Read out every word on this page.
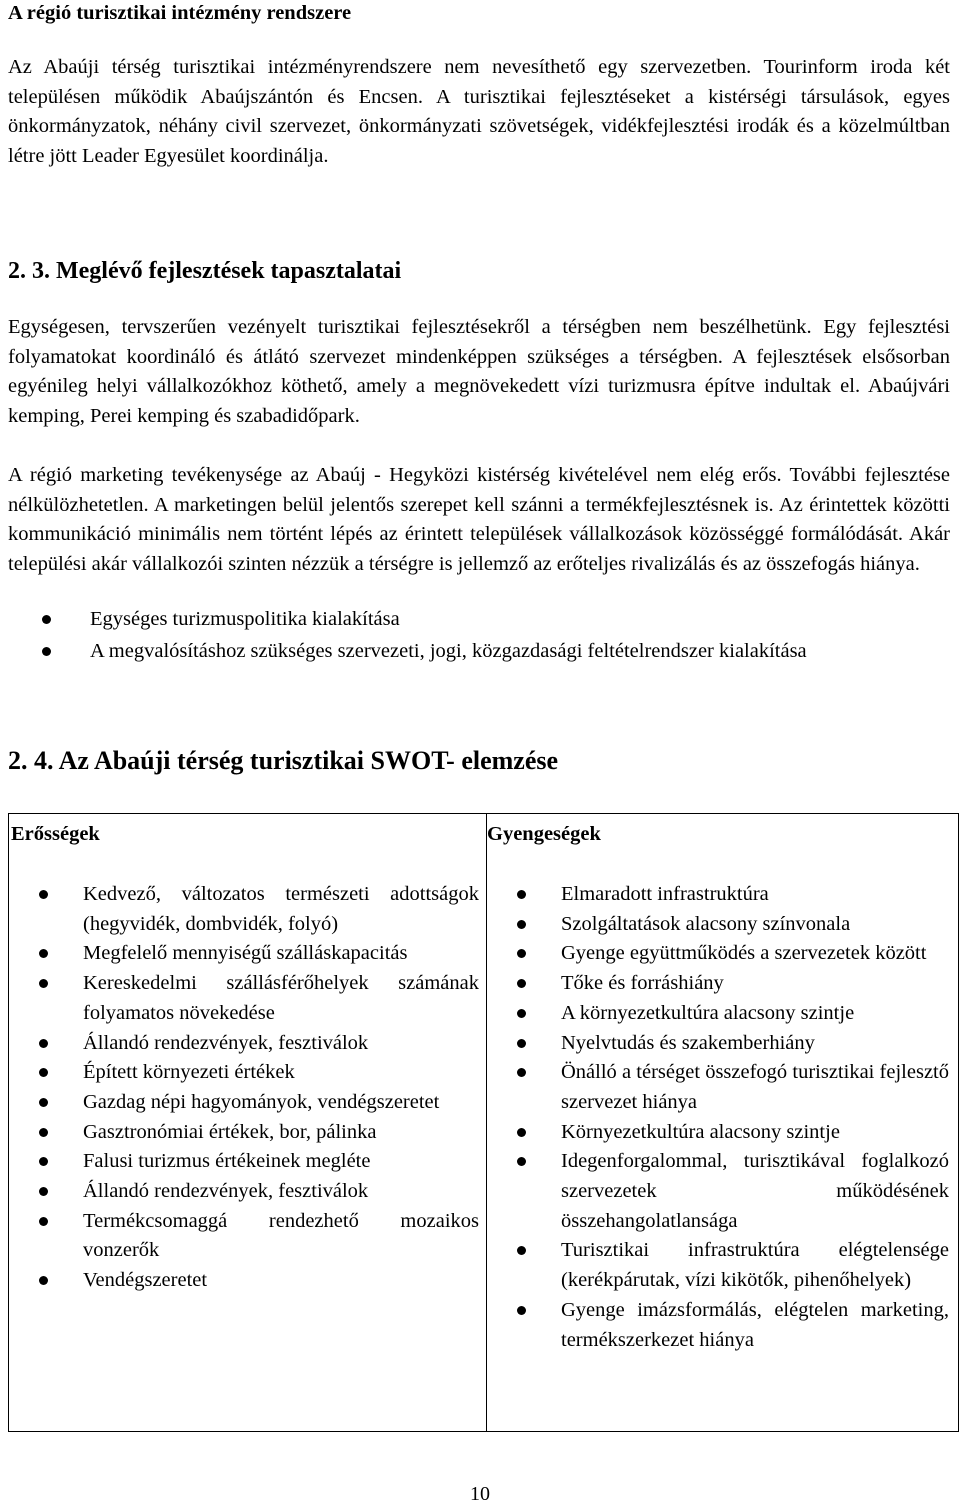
A régió turisztikai intézmény rendszere

Az Abaúji térség turisztikai intézményrendszere nem nevesíthető egy szervezetben. Tourinform iroda két településen működik Abaújszántón és Encsen. A turisztikai fejlesztéseket a kistérségi társulások, egyes önkormányzatok, néhány civil szervezet, önkormányzati szövetségek, vidékfejlesztési irodák és a közelmúltban létre jött Leader Egyesület koordinálja.

2. 3. Meglévő fejlesztések tapasztalatai

Egységesen, tervszerűen vezényelt turisztikai fejlesztésekről a térségben nem beszélhetünk. Egy fejlesztési folyamatokat koordináló és átlátó szervezet mindenképpen szükséges a térségben. A fejlesztések elsősorban egyénileg helyi vállalkozókhoz köthető, amely a megnövekedett vízi turizmusra építve indultak el. Abaújvári kemping, Perei kemping és szabadidőpark.

A régió marketing tevékenysége az Abaúj - Hegyközi kistérség kivételével nem elég erős. További fejlesztése nélkülözhetetlen. A marketingen belül jelentős szerepet kell szánni a termékfejlesztésnek is. Az érintettek közötti kommunikáció minimális nem történt lépés az érintett települések vállalkozások közösséggé formálódását. Akár települési akár vállalkozói szinten nézzük a térségre is jellemző az erőteljes rivalizálás és az összefogás hiánya.

Egységes turizmuspolitika kialakítása
A megvalósításhoz szükséges szervezeti, jogi, közgazdasági feltételrendszer kialakítása
2. 4. Az Abaúji térség turisztikai SWOT- elemzése
Erősségek
Kedvező, változatos természeti adottságok (hegyvidék, dombvidék, folyó)
Megfelelő mennyiségű szálláskapacitás
Kereskedelmi szállásférőhelyek számának folyamatos növekedése
Állandó rendezvények, fesztiválok
Épített környezeti értékek
Gazdag népi hagyományok, vendégszeretet
Gasztronómiai értékek, bor, pálinka
Falusi turizmus értékeinek megléte
Állandó rendezvények, fesztiválok
Termékcsomaggá rendezhető mozaikos vonzerők
Vendégszeretet

Gyengeségek
Elmaradott infrastruktúra
Szolgáltatások alacsony színvonala
Gyenge együttműködés a szervezetek között
Tőke és forráshiány
A környezetkultúra alacsony szintje
Nyelvtudás és szakemberhiány
Önálló a térséget összefogó turisztikai fejlesztő szervezet hiánya
Környezetkultúra alacsony szintje
Idegenforgalommal, turisztikával foglalkozó szervezetek működésének összehangolatlansága
Turisztikai infrastruktúra elégtelensége (kerékpárutak, vízi kikötők, pihenőhelyek)
Gyenge imázsformálás, elégtelen marketing, termékszerkezet hiánya
10
